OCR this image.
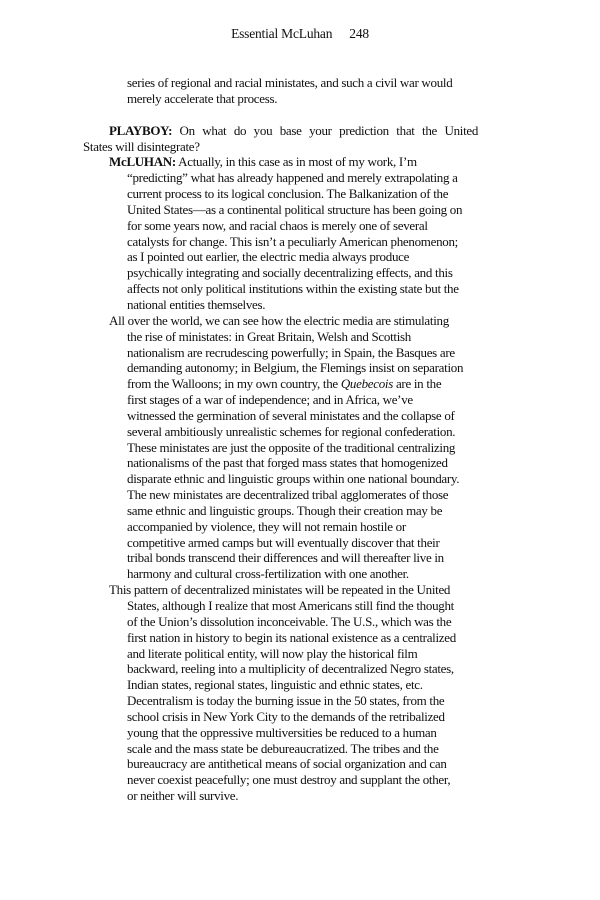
Essential McLuhan 248
series of regional and racial ministates, and such a civil war would
merely accelerate that process.
PLAYBOY: On what do you base your prediction that the United
States will disintegrate?
McLUHAN: Actually, in this case as in most of my work, I’m
“predicting” what has already happened and merely extrapolating a
current process to its logical conclusion. The Balkanization of the
United States—as a continental political structure has been going on
for some years now, and racial chaos is merely one of several
catalysts for change. This isn’t a peculiarly American phenomenon;
as I pointed out earlier, the electric media always produce
psychically integrating and socially decentralizing effects, and this
affects not only political institutions within the existing state but the
national entities themselves.
All over the world, we can see how the electric media are stimulating
the rise of ministates: in Great Britain, Welsh and Scottish
nationalism are recrudescing powerfully; in Spain, the Basques are
demanding autonomy; in Belgium, the Flemings insist on separation
from the Walloons; in my own country, the Quebecois are in the
first stages of a war of independence; and in Africa, we’ve
witnessed the germination of several ministates and the collapse of
several ambitiously unrealistic schemes for regional confederation.
These ministates are just the opposite of the traditional centralizing
nationalisms of the past that forged mass states that homogenized
disparate ethnic and linguistic groups within one national boundary.
The new ministates are decentralized tribal agglomerates of those
same ethnic and linguistic groups. Though their creation may be
accompanied by violence, they will not remain hostile or
competitive armed camps but will eventually discover that their
tribal bonds transcend their differences and will thereafter live in
harmony and cultural cross-fertilization with one another.
This pattern of decentralized ministates will be repeated in the United
States, although I realize that most Americans still find the thought
of the Union’s dissolution inconceivable. The U.S., which was the
first nation in history to begin its national existence as a centralized
and literate political entity, will now play the historical film
backward, reeling into a multiplicity of decentralized Negro states,
Indian states, regional states, linguistic and ethnic states, etc.
Decentralism is today the burning issue in the 50 states, from the
school crisis in New York City to the demands of the retribalized
young that the oppressive multiversities be reduced to a human
scale and the mass state be debureaucratized. The tribes and the
bureaucracy are antithetical means of social organization and can
never coexist peacefully; one must destroy and supplant the other,
or neither will survive.
